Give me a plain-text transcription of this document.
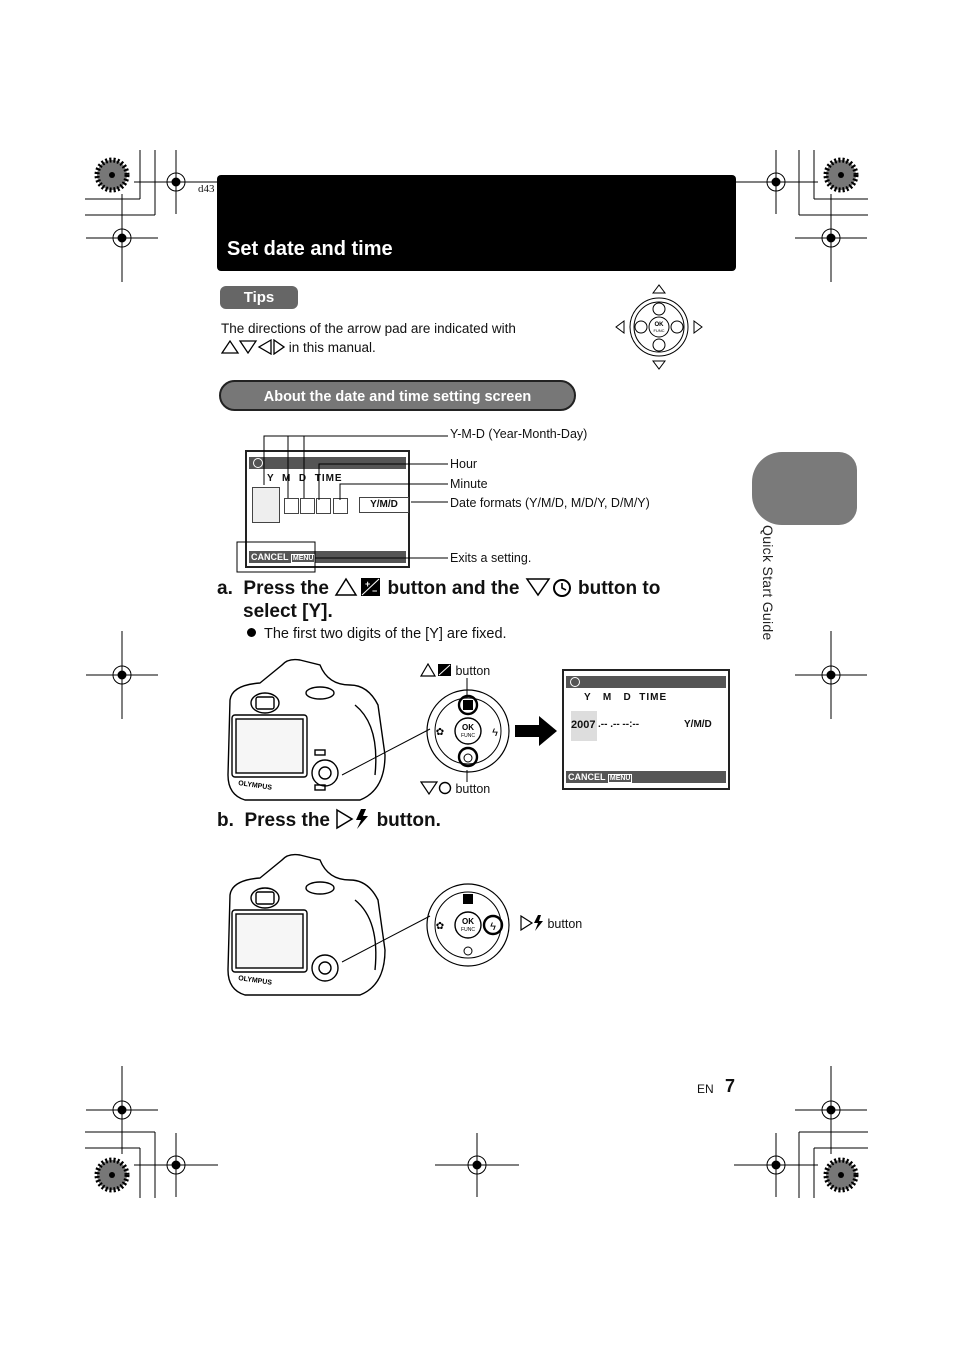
d43
Set date and time
Tips
The directions of the arrow pad are indicated with
in this manual.
OK
FUNC
About the date and time setting screen
Y  M  D  TIME
Y/M/D
CANCEL MENU
Y-M-D (Year-Month-Day)
Hour
Minute
Date formats (Y/M/D, M/D/Y, D/M/Y)
Exits a setting.	Quick Start Guide
a. Press the	+
− button and the	button to
select [Y].
The first two digits of the [Y] are fixed.
OLYMPUS
OK
FUNC
✿	ϟ
button
button
Y   M   D  TIME
2007 .-- .-- --:--	Y/M/D
CANCEL MENU
b. Press the button.
OLYMPUS
OK
FUNC
✿	ϟ	button
EN 7
